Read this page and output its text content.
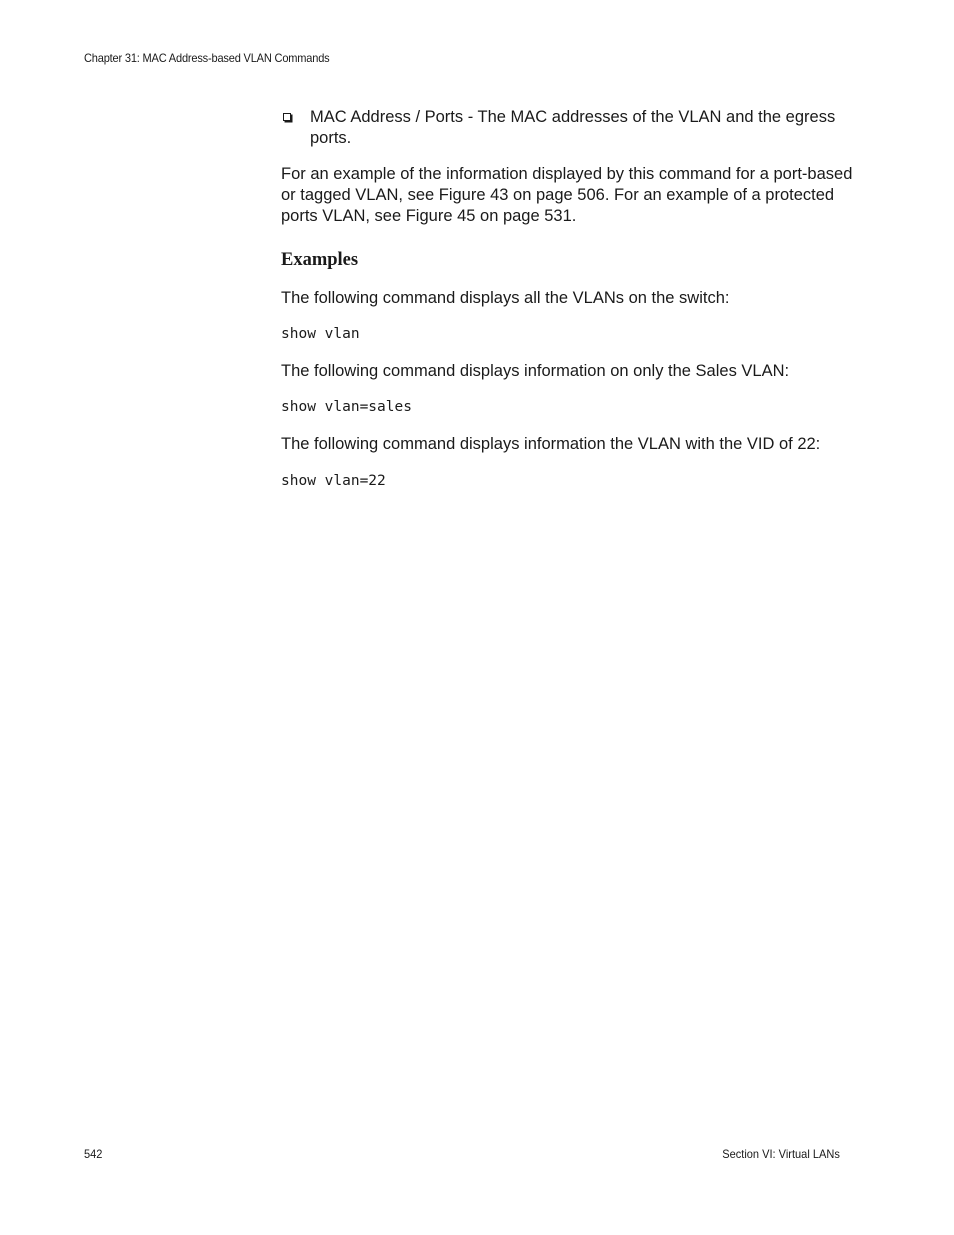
Chapter 31: MAC Address-based VLAN Commands
MAC Address / Ports - The MAC addresses of the VLAN and the egress ports.

For an example of the information displayed by this command for a port-based or tagged VLAN, see Figure 43 on page 506. For an example of a protected ports VLAN, see Figure 45 on page 531.

Examples

The following command displays all the VLANs on the switch:

show vlan

The following command displays information on only the Sales VLAN:

show vlan=sales

The following command displays information the VLAN with the VID of 22:

show vlan=22
542	Section VI: Virtual LANs
